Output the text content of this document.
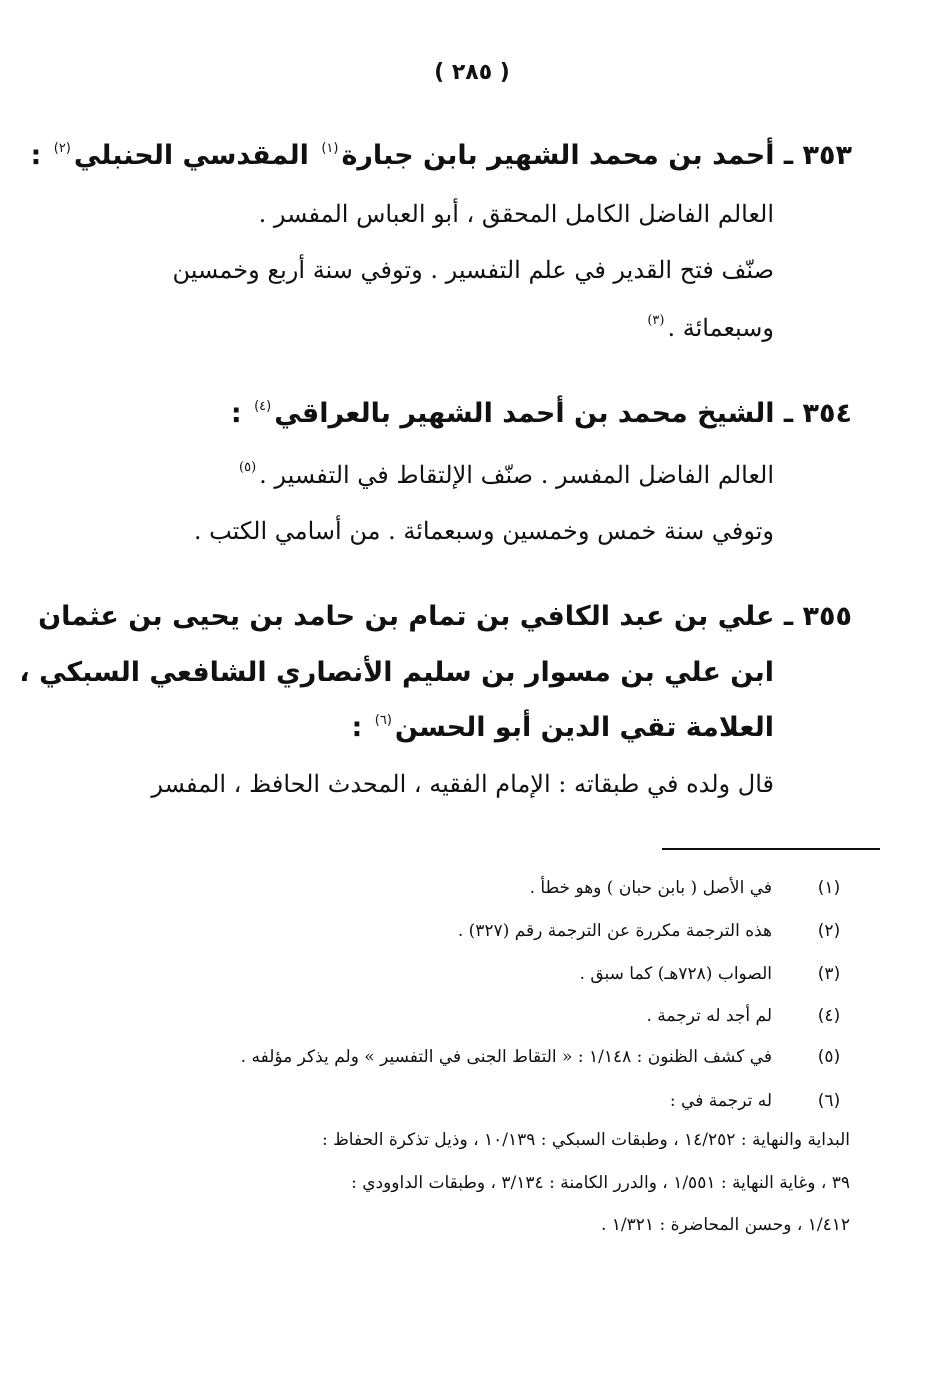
( ٢٨٥ )
٣٥٣ ـ أحمد بن محمد الشهير بابن جبارة$^{(١)}$ المقدسي الحنبلي$^{(٢)}$ :
العالم الفاضل الكامل المحقق ، أبو العباس المفسر .
صنّف فتح القدير في علم التفسير . وتوفي سنة أربع وخمسين
وسبعمائة .$^{(٣)}$
٣٥٤ ـ الشيخ محمد بن أحمد الشهير بالعراقي$^{(٤)}$ :
العالم الفاضل المفسر . صنّف الإلتقاط في التفسير .$^{(٥)}$
وتوفي سنة خمس وخمسين وسبعمائة . من أسامي الكتب .
٣٥٥ ـ علي بن عبد الكافي بن تمام بن حامد بن يحيى بن عثمان
ابن علي بن مسوار بن سليم الأنصاري الشافعي السبكي ،
العلامة تقي الدين أبو الحسن$^{(٦)}$ :
قال ولده في طبقاته : الإمام الفقيه ، المحدث الحافظ ، المفسر
(١)
في الأصل ( بابن حبان ) وهو خطأ .
(٢)
هذه الترجمة مكررة عن الترجمة رقم (٣٢٧) .
(٣)
الصواب (٧٢٨هـ) كما سبق .
(٤)
لم أجد له ترجمة .
(٥)
في كشف الظنون : ١/١٤٨ : « التقاط الجنى في التفسير » ولم يذكر مؤلفه .
(٦)
له ترجمة في :
البداية والنهاية : ١٤/٢٥٢ ، وطبقات السبكي : ١٠/١٣٩ ، وذيل تذكرة الحفاظ :
٣٩ ، وغاية النهاية : ١/٥٥١ ، والدرر الكامنة : ٣/١٣٤ ، وطبقات الداوودي :
١/٤١٢ ، وحسن المحاضرة : ١/٣٢١ .
